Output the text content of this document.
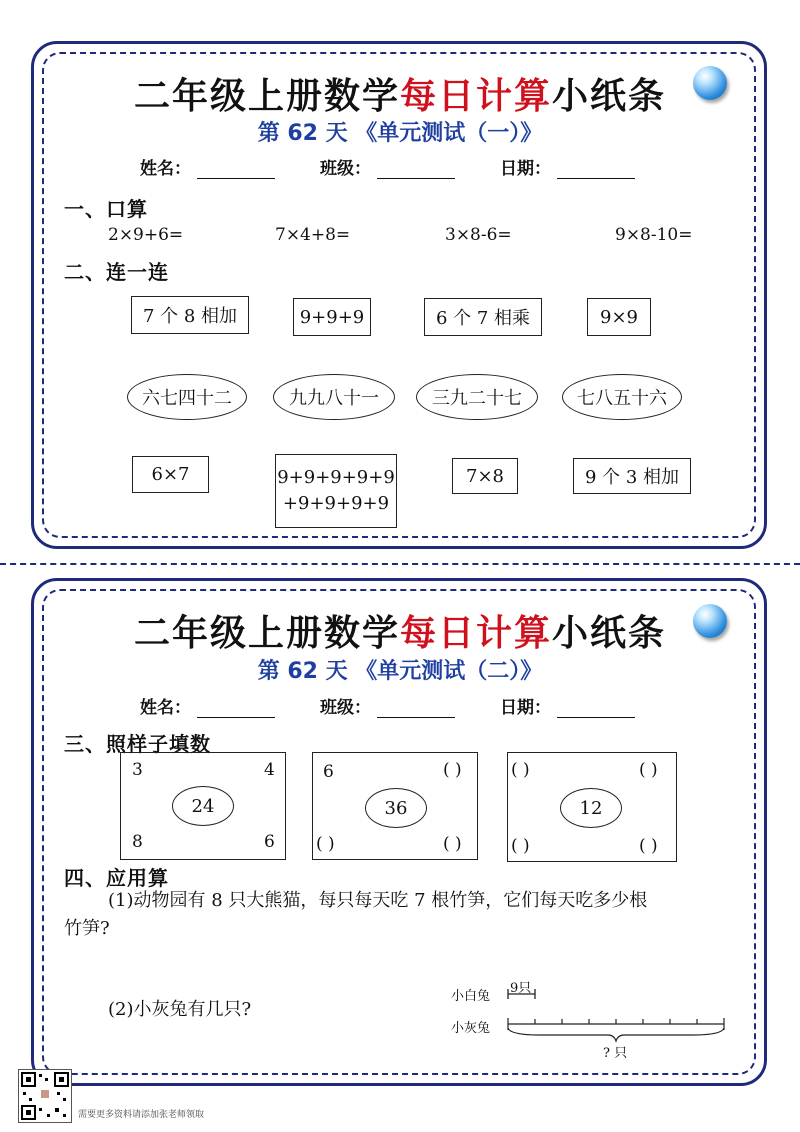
二年级上册数学每日计算小纸条
第 62 天 《单元测试（一）》
姓名：	班级：	日期：
一、口算
2×9+6=	7×4+8=	3×8-6=	9×8-10=
二、连一连
7 个 8 相加	9+9+9	6 个 7 相乘	9×9
六七四十二	九九八十一	三九二十七	七八五十六
6×7	9+9+9+9+9
+9+9+9+9
7×8	9 个 3 相加
二年级上册数学每日计算小纸条
第 62 天 《单元测试（二）》
姓名：	班级：	日期：
三、照样子填数
3	4
8	6
24
6	( )
( )	( )
36
( )	( )
( )	( )
12
四、应用算
(1)动物园有 8 只大熊猫，每只每天吃 7 根竹笋，它们每天吃多少根
竹笋?
(2)小灰兔有几只?
小白兔
9只
小灰兔
? 只
需要更多资料请添加张老师领取
